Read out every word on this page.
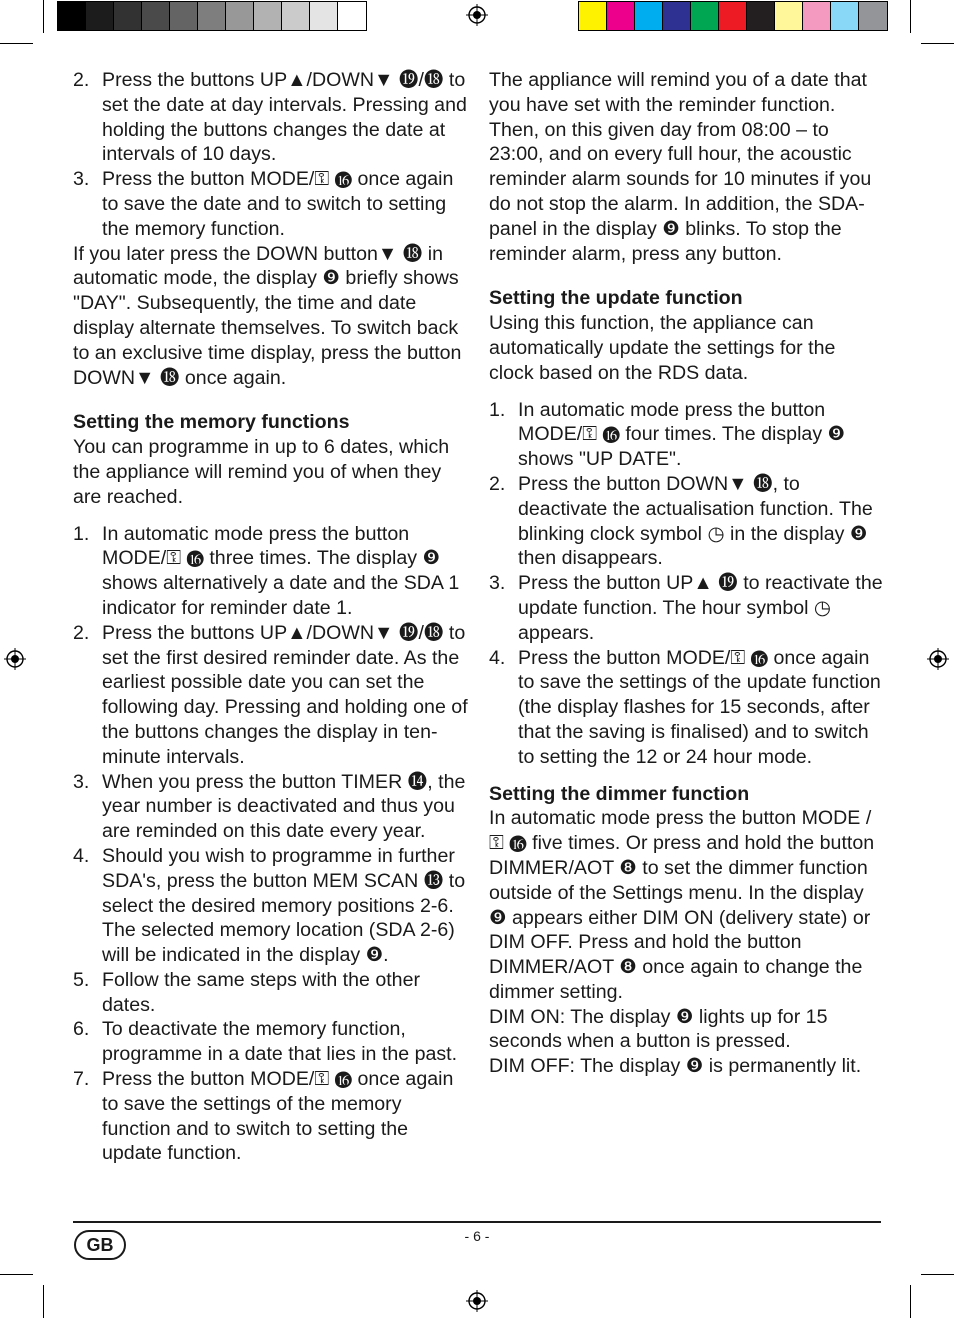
2. Press the buttons UP▲/DOWN▼ ⓳/⓲ to set the date at day intervals. Pressing and holding the buttons changes the date at intervals of 10 days.
3. Press the button MODE/⚿ ⓰ once again to save the date and to switch to setting the memory function.

If you later press the DOWN button▼ ⓲ in automatic mode, the display ❾ briefly shows "DAY". Subsequently, the time and date display alternate themselves. To switch back to an exclusive time display, press the button DOWN▼ ⓲ once again.

Setting the memory functions

You can programme in up to 6 dates, which the appliance will remind you of when they are reached.

1. In automatic mode press the button MODE/⚿ ⓰ three times. The display ❾ shows alternatively a date and the SDA 1 indicator for reminder date 1.
2. Press the buttons UP▲/DOWN▼ ⓳/⓲ to set the first desired reminder date. As the earliest possible date you can set the following day. Pressing and holding one of the buttons changes the display in ten-minute intervals.
3. When you press the button TIMER ⓮, the year number is deactivated and thus you are reminded on this date every year.
4. Should you wish to programme in further SDA's, press the button MEM SCAN ⓭ to select the desired memory positions 2-6. The selected memory location (SDA 2-6) will be indicated in the display ❾.
5. Follow the same steps with the other dates.
6. To deactivate the memory function, programme in a date that lies in the past.
7. Press the button MODE/⚿ ⓰ once again to save the settings of the memory function and to switch to setting the update function.

The appliance will remind you of a date that you have set with the reminder function. Then, on this given day from 08:00 – to 23:00, and on every full hour, the acoustic reminder alarm sounds for 10 minutes if you do not stop the alarm. In addition, the SDA-panel in the display ❾ blinks. To stop the reminder alarm, press any button.

Setting the update function

Using this function, the appliance can automatically update the settings for the clock based on the RDS data.

1. In automatic mode press the button MODE/⚿ ⓰ four times. The display ❾ shows "UP DATE".
2. Press the button DOWN▼ ⓲, to deactivate the actualisation function. The blinking clock symbol ◷ in the display ❾ then disappears.
3. Press the button UP▲ ⓳ to reactivate the update function. The hour symbol ◷ appears.
4. Press the button MODE/⚿ ⓰ once again to save the settings of the update function (the display flashes for 15 seconds, after that the saving is finalised) and to switch to setting the 12 or 24 hour mode.
Setting the dimmer function

In automatic mode press the button MODE / ⚿ ⓰ five times. Or press and hold the button DIMMER/AOT ❽ to set the dimmer function outside of the Settings menu. In the display ❾ appears either DIM ON (delivery state) or DIM OFF. Press and hold the button DIMMER/AOT ❽ once again to change the dimmer setting.

DIM ON: The display ❾ lights up for 15 seconds when a button is pressed.

DIM OFF: The display ❾ is permanently lit.

GB	- 6 -
